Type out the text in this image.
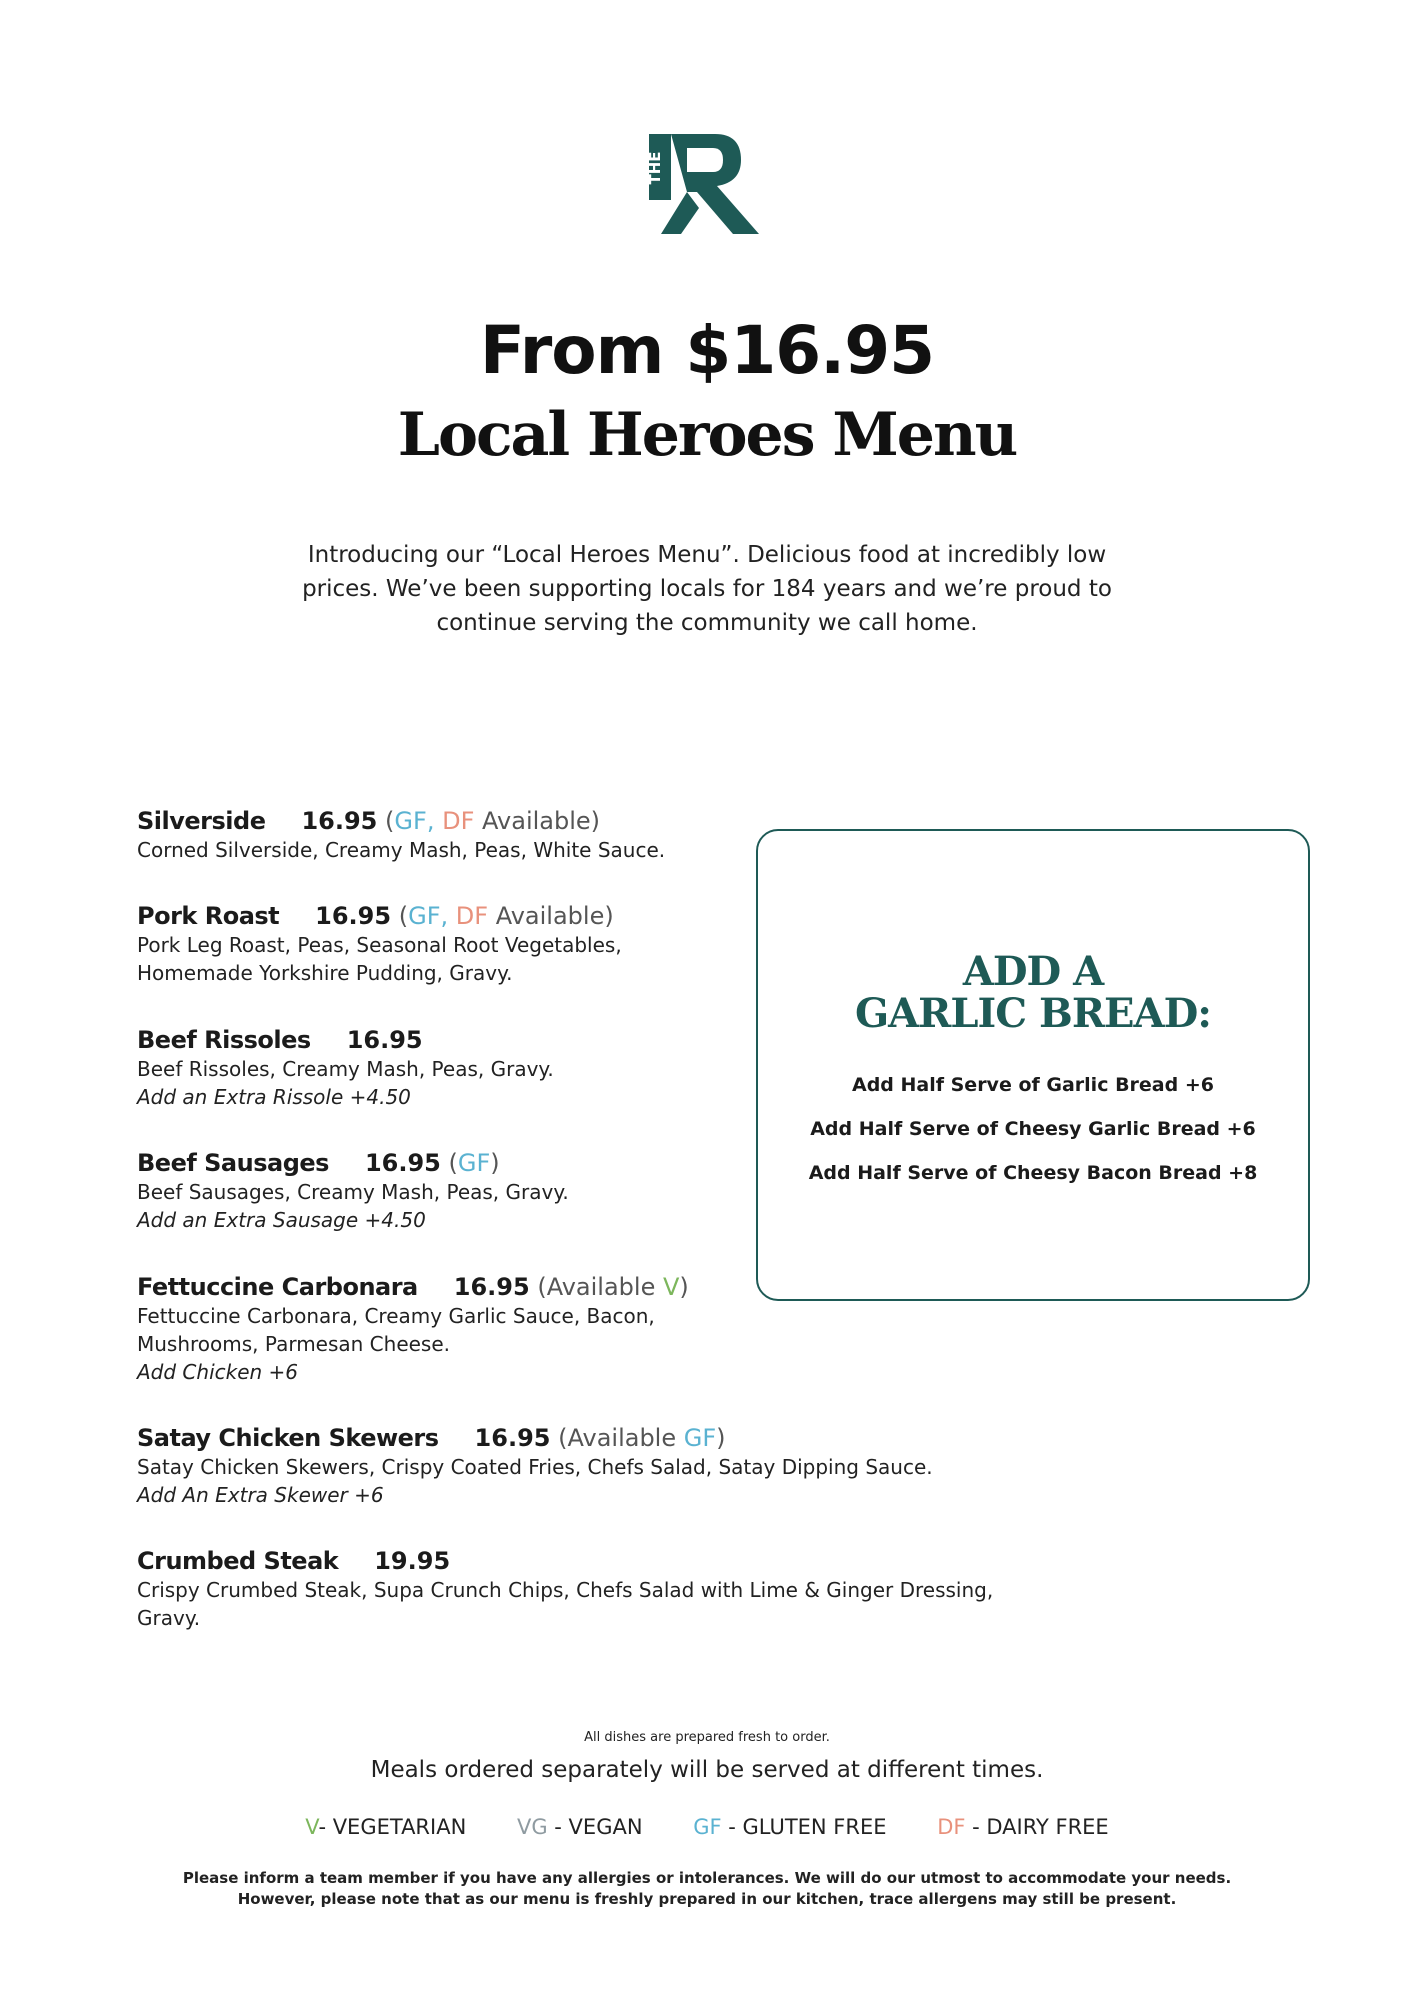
THE
From $16.95
Local Heroes Menu
Introducing our “Local Heroes Menu”. Delicious food at incredibly low prices. We’ve been supporting locals for 184 years and we’re proud to continue serving the community we call home.
Silverside 16.95 (GF, DF Available)
Corned Silverside, Creamy Mash, Peas, White Sauce.
Pork Roast 16.95 (GF, DF Available)
Pork Leg Roast, Peas, Seasonal Root Vegetables,
Homemade Yorkshire Pudding, Gravy.
Beef Rissoles 16.95
Beef Rissoles, Creamy Mash, Peas, Gravy.
Add an Extra Rissole +4.50
Beef Sausages 16.95 (GF)
Beef Sausages, Creamy Mash, Peas, Gravy.
Add an Extra Sausage +4.50
Fettuccine Carbonara 16.95 (Available V)
Fettuccine Carbonara, Creamy Garlic Sauce, Bacon,
Mushrooms, Parmesan Cheese.
Add Chicken +6
Satay Chicken Skewers 16.95 (Available GF)
Satay Chicken Skewers, Crispy Coated Fries, Chefs Salad, Satay Dipping Sauce.
Add An Extra Skewer +6
Crumbed Steak 19.95
Crispy Crumbed Steak, Supa Crunch Chips, Chefs Salad with Lime & Ginger Dressing, Gravy.
ADD A
GARLIC BREAD:
Add Half Serve of Garlic Bread +6
Add Half Serve of Cheesy Garlic Bread +6
Add Half Serve of Cheesy Bacon Bread +8
All dishes are prepared fresh to order.
Meals ordered separately will be served at different times.
V- VEGETARIAN VG - VEGAN GF - GLUTEN FREE DF - DAIRY FREE
Please inform a team member if you have any allergies or intolerances. We will do our utmost to accommodate your needs. However, please note that as our menu is freshly prepared in our kitchen, trace allergens may still be present.
